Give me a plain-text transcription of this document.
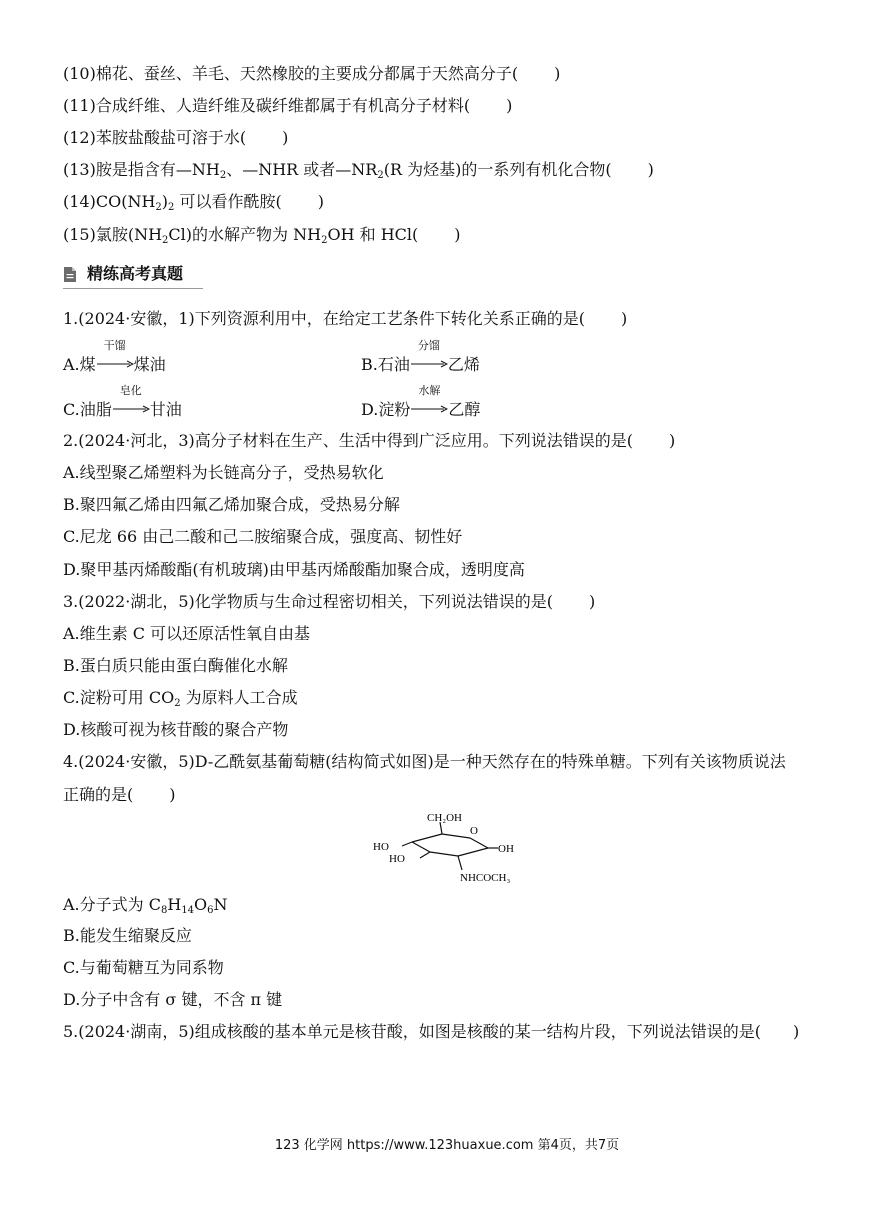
(10)棉花、蚕丝、羊毛、天然橡胶的主要成分都属于天然高分子( )
(11)合成纤维、人造纤维及碳纤维都属于有机高分子材料( )
(12)苯胺盐酸盐可溶于水( )
(13)胺是指含有$—NH_2$、—NHR 或者$—NR_2(R$ 为烃基)的一系列有机化合物( )
$(14)CO(NH_2)_2$ 可以看作酰胺( )
(15)氯胺$(NH_2Cl)$的水解产物为 $NH_2OH$ 和 HCl( )
精练高考真题
1.(2024·安徽，1)下列资源利用中，在给定工艺条件下转化关系正确的是( )
A.煤
干馏
煤油	B.石油
分馏
乙烯
C.油脂
皂化
甘油	D.淀粉
水解
乙醇
2.(2024·河北，3)高分子材料在生产、生活中得到广泛应用。下列说法错误的是( )
A.线型聚乙烯塑料为长链高分子，受热易软化
B.聚四氟乙烯由四氟乙烯加聚合成，受热易分解
C.尼龙 66 由己二酸和己二胺缩聚合成，强度高、韧性好
D.聚甲基丙烯酸酯(有机玻璃)由甲基丙烯酸酯加聚合成，透明度高
3.(2022·湖北，5)化学物质与生命过程密切相关，下列说法错误的是( )
A.维生素 C 可以还原活性氧自由基
B.蛋白质只能由蛋白酶催化水解
C.淀粉可用 $CO_2$ 为原料人工合成
D.核酸可视为核苷酸的聚合产物
4.(2024·安徽，5)D-乙酰氨基葡萄糖(结构简式如图)是一种天然存在的特殊单糖。下列有关该物质说法
正确的是( )
CH₂OH
O
HO
HO
OH
NHCOCH₃
A.分子式为 $C_8H_{14}O_6N$
B.能发生缩聚反应
C.与葡萄糖互为同系物
D.分子中含有 σ 键，不含 π 键
5.(2024·湖南，5)组成核酸的基本单元是核苷酸，如图是核酸的某一结构片段，下列说法错误的是( )
123 化学网 https://www.123huaxue.com 第4页，共7页
